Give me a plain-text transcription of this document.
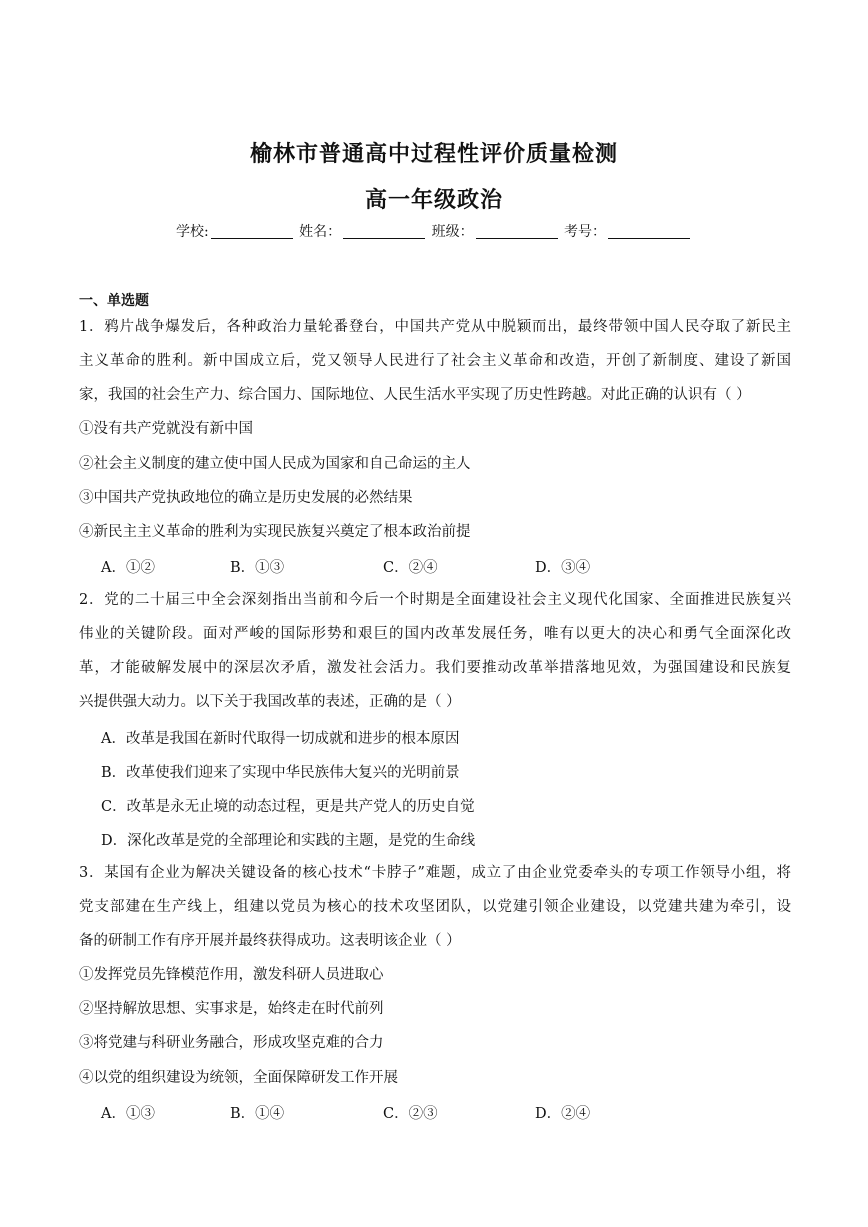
榆林市普通高中过程性评价质量检测
高一年级政治
学校:	姓名：	班级：	考号：
一、单选题
1．鸦片战争爆发后，各种政治力量轮番登台，中国共产党从中脱颖而出，最终带领中国人民夺取了新民主
主义革命的胜利。新中国成立后，党又领导人民进行了社会主义革命和改造，开创了新制度、建设了新国
家，我国的社会生产力、综合国力、国际地位、人民生活水平实现了历史性跨越。对此正确的认识有（ ）
①没有共产党就没有新中国
②社会主义制度的建立使中国人民成为国家和自己命运的主人
③中国共产党执政地位的确立是历史发展的必然结果
④新民主主义革命的胜利为实现民族复兴奠定了根本政治前提
A．①②	B．①③	C．②④	D．③④
2．党的二十届三中全会深刻指出当前和今后一个时期是全面建设社会主义现代化国家、全面推进民族复兴
伟业的关键阶段。面对严峻的国际形势和艰巨的国内改革发展任务，唯有以更大的决心和勇气全面深化改
革，才能破解发展中的深层次矛盾，激发社会活力。我们要推动改革举措落地见效，为强国建设和民族复
兴提供强大动力。以下关于我国改革的表述，正确的是（ ）
A．改革是我国在新时代取得一切成就和进步的根本原因
B．改革使我们迎来了实现中华民族伟大复兴的光明前景
C．改革是永无止境的动态过程，更是共产党人的历史自觉
D．深化改革是党的全部理论和实践的主题，是党的生命线
3．某国有企业为解决关键设备的核心技术“卡脖子”难题，成立了由企业党委牵头的专项工作领导小组，将
党支部建在生产线上，组建以党员为核心的技术攻坚团队，以党建引领企业建设，以党建共建为牵引，设
备的研制工作有序开展并最终获得成功。这表明该企业（ ）
①发挥党员先锋模范作用，激发科研人员进取心
②坚持解放思想、实事求是，始终走在时代前列
③将党建与科研业务融合，形成攻坚克难的合力
④以党的组织建设为统领，全面保障研发工作开展
A．①③	B．①④	C．②③	D．②④
